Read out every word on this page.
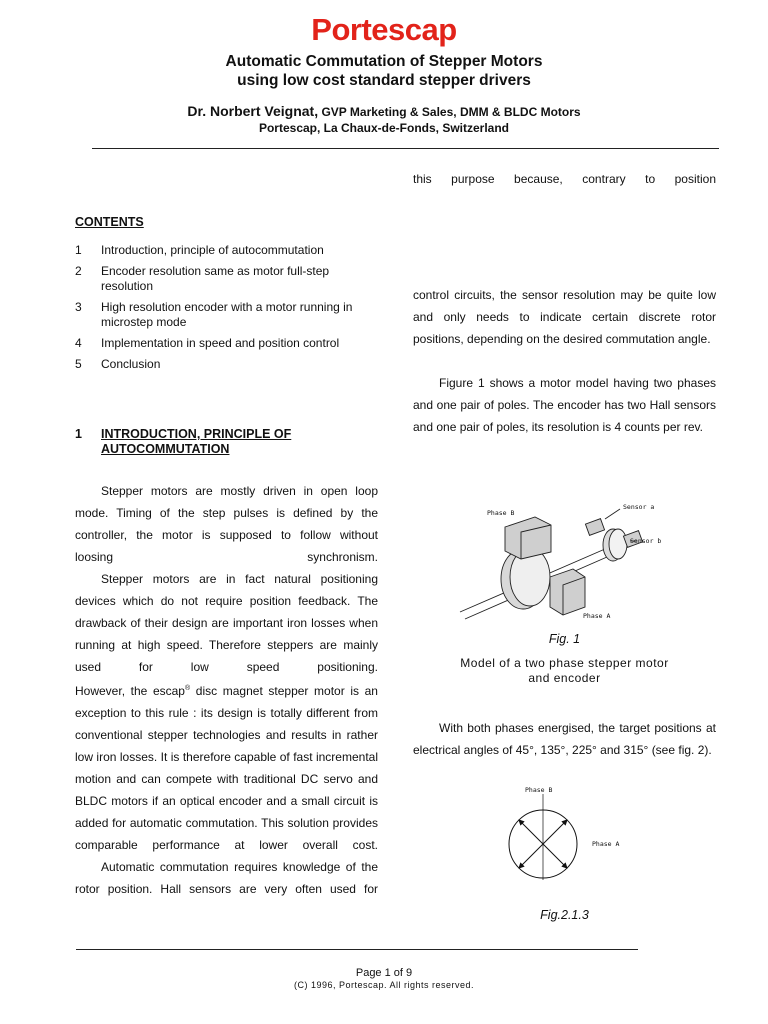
Portescap
Automatic Commutation of Stepper Motors
using low cost standard stepper drivers
Dr. Norbert Veignat, GVP Marketing & Sales, DMM & BLDC Motors
Portescap, La Chaux-de-Fonds, Switzerland
CONTENTS
1	Introduction, principle of autocommutation
2	Encoder resolution same as motor full-step resolution
3	High resolution encoder with a motor running in microstep mode
4	Implementation in speed and position control
5	Conclusion
1	INTRODUCTION, PRINCIPLE OF AUTOCOMMUTATION

Stepper motors are mostly driven in open loop mode. Timing of the step pulses is defined by the controller, the motor is supposed to follow without loosing synchronism.

Stepper motors are in fact natural positioning devices which do not require position feedback. The drawback of their design are important iron losses when running at high speed. Therefore steppers are mainly used for low speed positioning.

However, the escap® disc magnet stepper motor is an exception to this rule : its design is totally different from conventional stepper technologies and results in rather low iron losses. It is therefore capable of fast incremental motion and can compete with traditional DC servo and BLDC motors if an optical encoder and a small circuit is added for automatic commutation. This solution provides comparable performance at lower overall cost.

Automatic commutation requires knowledge of the rotor position. Hall sensors are very often used for

this purpose because, contrary to position

control circuits, the sensor resolution may be quite low and only needs to indicate certain discrete rotor positions, depending on the desired commutation angle.

Figure 1 shows a motor model having two phases and one pair of poles. The encoder has two Hall sensors and one pair of poles, its resolution is 4 counts per rev.

Phase B
Phase A
Sensor a
Sensor b
Fig. 1
Model of a two phase stepper motor
and encoder
With both phases energised, the target positions at electrical angles of 45°, 135°, 225° and 315° (see fig. 2).
Phase B
Phase A
Fig.2.1.3
Page 1 of 9
(C) 1996, Portescap. All rights reserved.
